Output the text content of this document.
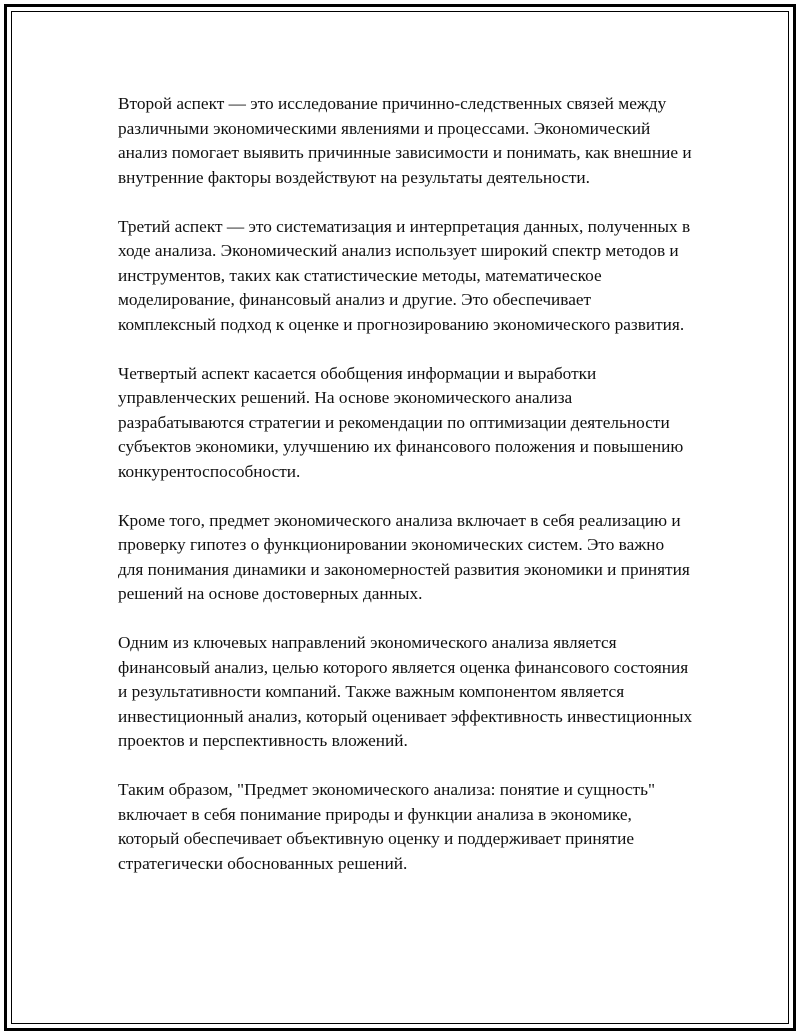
Второй аспект — это исследование причинно-следственных связей между различными экономическими явлениями и процессами. Экономический анализ помогает выявить причинные зависимости и понимать, как внешние и внутренние факторы воздействуют на результаты деятельности.

Третий аспект — это систематизация и интерпретация данных, полученных в ходе анализа. Экономический анализ использует широкий спектр методов и инструментов, таких как статистические методы, математическое моделирование, финансовый анализ и другие. Это обеспечивает комплексный подход к оценке и прогнозированию экономического развития.

Четвертый аспект касается обобщения информации и выработки управленческих решений. На основе экономического анализа разрабатываются стратегии и рекомендации по оптимизации деятельности субъектов экономики, улучшению их финансового положения и повышению конкурентоспособности.

Кроме того, предмет экономического анализа включает в себя реализацию и проверку гипотез о функционировании экономических систем. Это важно для понимания динамики и закономерностей развития экономики и принятия решений на основе достоверных данных.

Одним из ключевых направлений экономического анализа является финансовый анализ, целью которого является оценка финансового состояния и результативности компаний. Также важным компонентом является инвестиционный анализ, который оценивает эффективность инвестиционных проектов и перспективность вложений.

Таким образом, "Предмет экономического анализа: понятие и сущность" включает в себя понимание природы и функции анализа в экономике, который обеспечивает объективную оценку и поддерживает принятие стратегически обоснованных решений.
